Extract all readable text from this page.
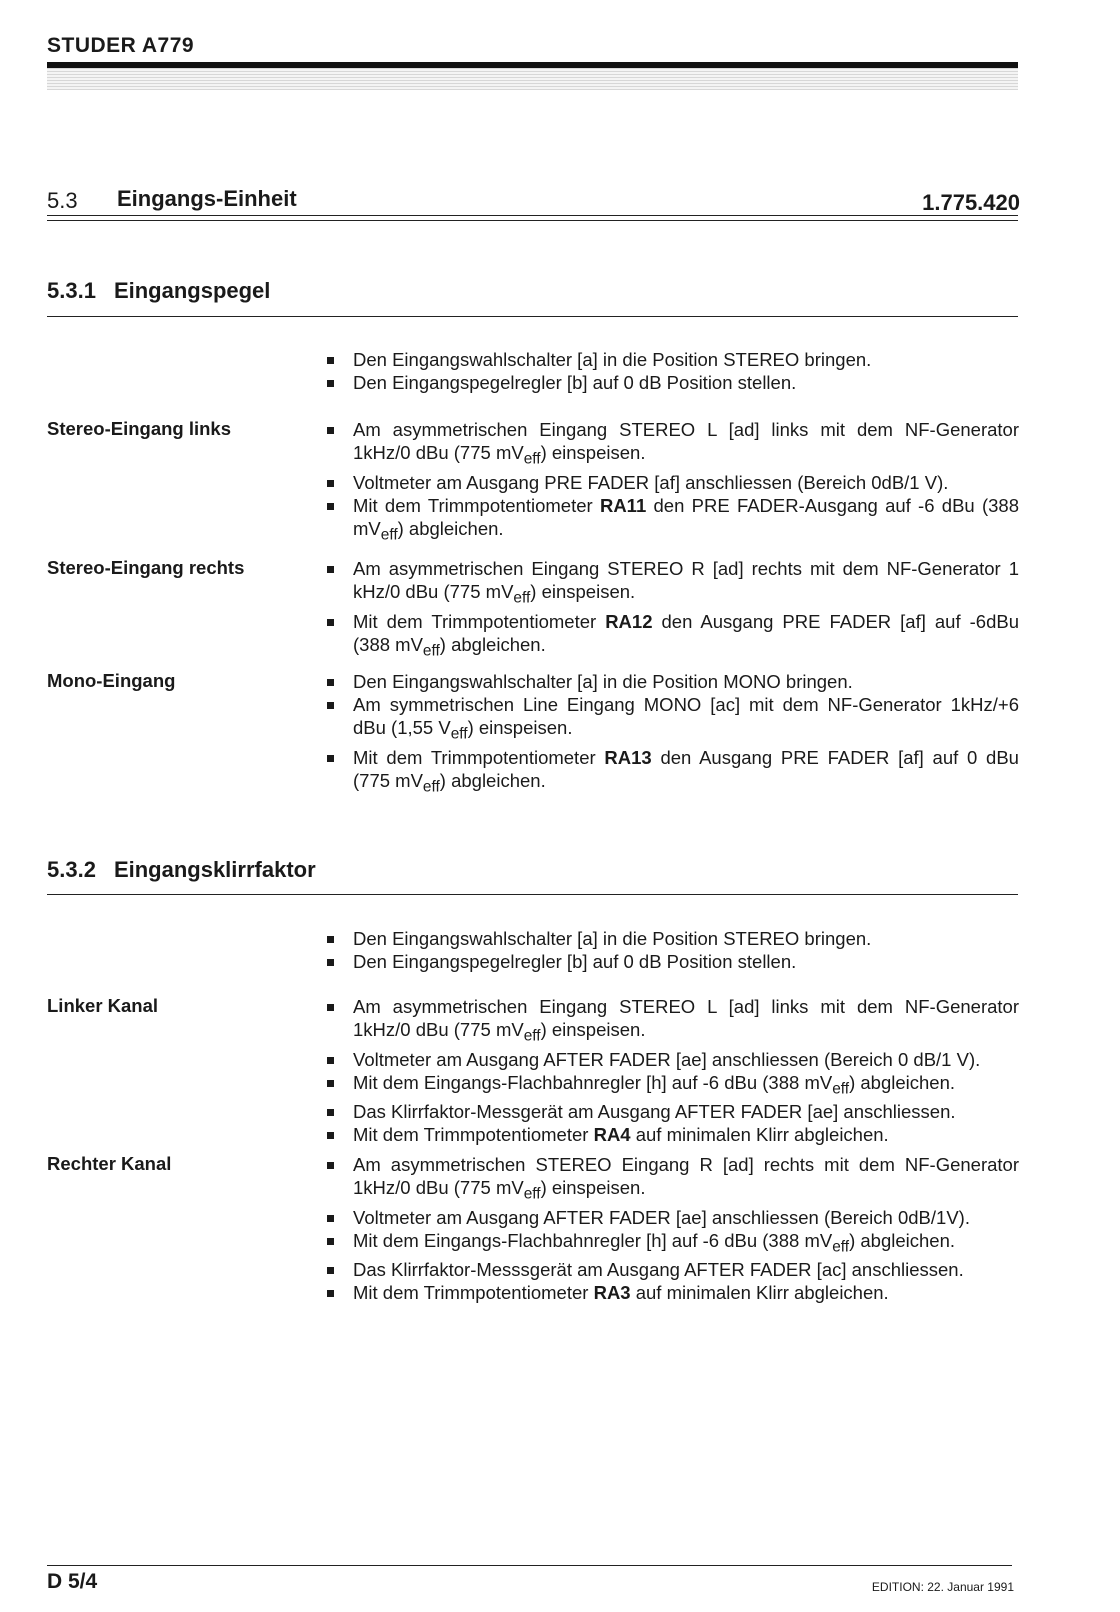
STUDER A779
5.3 Eingangs-Einheit	1.775.420
5.3.1 Eingangspegel
Den Eingangswahlschalter [a] in die Position STEREO bringen.
Den Eingangspegelregler [b] auf 0 dB Position stellen.
Stereo-Eingang links	Am asymmetrischen Eingang STEREO L [ad] links mit dem NF-Generator 1kHz/0 dBu (775 $mV_{eff}$) einspeisen.
Voltmeter am Ausgang PRE FADER [af] anschliessen (Bereich 0dB/1 V).
Mit dem Trimmpotentiometer RA11 den PRE FADER-Ausgang auf -6 dBu (388 $mV_{eff}$) abgleichen.
Stereo-Eingang rechts	Am asymmetrischen Eingang STEREO R [ad] rechts mit dem NF-Generator 1 kHz/0 dBu (775 $mV_{eff}$) einspeisen.
Mit dem Trimmpotentiometer RA12 den Ausgang PRE FADER [af] auf -6dBu (388 $mV_{eff}$) abgleichen.
Mono-Eingang	Den Eingangswahlschalter [a] in die Position MONO bringen.
Am symmetrischen Line Eingang MONO [ac] mit dem NF-Generator 1kHz/+6 dBu (1,55 $V_{eff}$) einspeisen.
Mit dem Trimmpotentiometer RA13 den Ausgang PRE FADER [af] auf 0 dBu (775 $mV_{eff}$) abgleichen.
5.3.2 Eingangsklirrfaktor
Den Eingangswahlschalter [a] in die Position STEREO bringen.
Den Eingangspegelregler [b] auf 0 dB Position stellen.
Linker Kanal	Am asymmetrischen Eingang STEREO L [ad] links mit dem NF-Generator 1kHz/0 dBu (775 $mV_{eff}$) einspeisen.
Voltmeter am Ausgang AFTER FADER [ae] anschliessen (Bereich 0 dB/1 V).
Mit dem Eingangs-Flachbahnregler [h] auf -6 dBu (388 $mV_{eff}$) abgleichen.
Das Klirrfaktor-Messgerät am Ausgang AFTER FADER [ae] anschliessen.
Mit dem Trimmpotentiometer RA4 auf minimalen Klirr abgleichen.
Rechter Kanal	Am asymmetrischen STEREO Eingang R [ad] rechts mit dem NF-Generator 1kHz/0 dBu (775 $mV_{eff}$) einspeisen.
Voltmeter am Ausgang AFTER FADER [ae] anschliessen (Bereich 0dB/1V).
Mit dem Eingangs-Flachbahnregler [h] auf -6 dBu (388 $mV_{eff}$) abgleichen.
Das Klirrfaktor-Messsgerät am Ausgang AFTER FADER [ac] anschliessen.
Mit dem Trimmpotentiometer RA3 auf minimalen Klirr abgleichen.
D 5/4	EDITION: 22. Januar 1991
